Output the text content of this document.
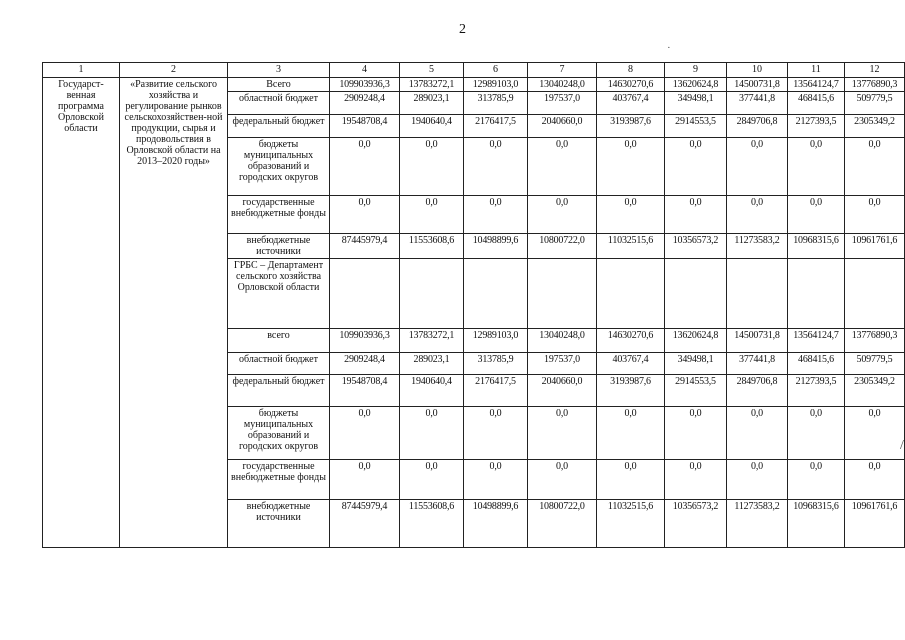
2
·
/
1	2	3	4	5	6	7	8	9	10	11	12
Государст-венная программа Орловской области	«Развитие сельского хозяйства и регулирование рынков сельскохозяйствен-ной продукции, сырья и продовольствия в Орловской области на 2013–2020 годы»	Всего	109903936,3	13783272,1	12989103,0	13040248,0	14630270,6	13620624,8	14500731,8	13564124,7	13776890,3
		областной бюджет	2909248,4	289023,1	313785,9	197537,0	403767,4	349498,1	377441,8	468415,6	509779,5
		федеральный бюджет	19548708,4	1940640,4	2176417,5	2040660,0	3193987,6	2914553,5	2849706,8	2127393,5	2305349,2
		бюджеты муниципальных образований и городских округов	0,0	0,0	0,0	0,0	0,0	0,0	0,0	0,0	0,0
		государственные внебюджетные фонды	0,0	0,0	0,0	0,0	0,0	0,0	0,0	0,0	0,0
		внебюджетные источники	87445979,4	11553608,6	10498899,6	10800722,0	11032515,6	10356573,2	11273583,2	10968315,6	10961761,6
		ГРБС – Департамент сельского хозяйства Орловской области									
		всего	109903936,3	13783272,1	12989103,0	13040248,0	14630270,6	13620624,8	14500731,8	13564124,7	13776890,3
		областной бюджет	2909248,4	289023,1	313785,9	197537,0	403767,4	349498,1	377441,8	468415,6	509779,5
		федеральный бюджет	19548708,4	1940640,4	2176417,5	2040660,0	3193987,6	2914553,5	2849706,8	2127393,5	2305349,2
		бюджеты муниципальных образований и городских округов	0,0	0,0	0,0	0,0	0,0	0,0	0,0	0,0	0,0
		государственные внебюджетные фонды	0,0	0,0	0,0	0,0	0,0	0,0	0,0	0,0	0,0
		внебюджетные источники	87445979,4	11553608,6	10498899,6	10800722,0	11032515,6	10356573,2	11273583,2	10968315,6	10961761,6
